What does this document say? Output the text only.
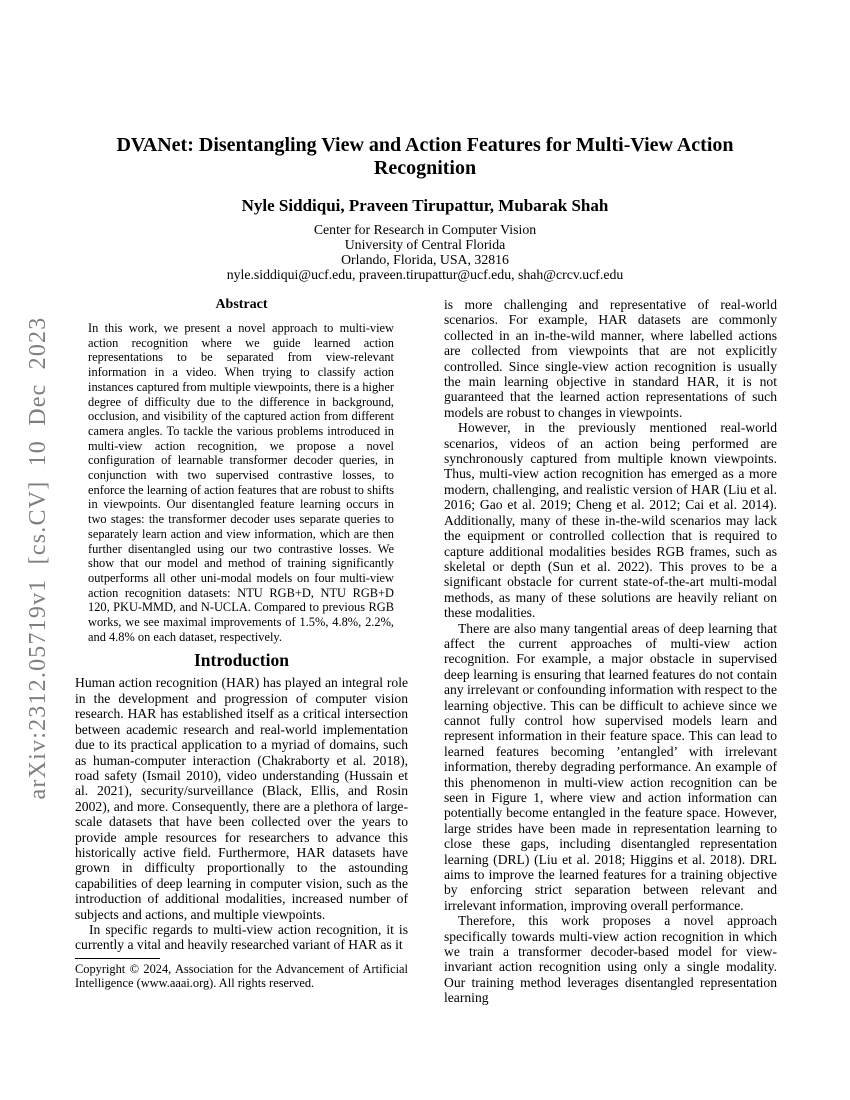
arXiv:2312.05719v1 [cs.CV] 10 Dec 2023
DVANet: Disentangling View and Action Features for Multi-View Action
Recognition
Nyle Siddiqui, Praveen Tirupattur, Mubarak Shah
Center for Research in Computer Vision
University of Central Florida
Orlando, Florida, USA, 32816
nyle.siddiqui@ucf.edu, praveen.tirupattur@ucf.edu, shah@crcv.ucf.edu
Abstract

In this work, we present a novel approach to multi-view action recognition where we guide learned action representations to be separated from view-relevant information in a video. When trying to classify action instances captured from multiple viewpoints, there is a higher degree of difficulty due to the difference in background, occlusion, and visibility of the captured action from different camera angles. To tackle the various problems introduced in multi-view action recognition, we propose a novel configuration of learnable transformer decoder queries, in conjunction with two supervised contrastive losses, to enforce the learning of action features that are robust to shifts in viewpoints. Our disentangled feature learning occurs in two stages: the transformer decoder uses separate queries to separately learn action and view information, which are then further disentangled using our two contrastive losses. We show that our model and method of training significantly outperforms all other uni-modal models on four multi-view action recognition datasets: NTU RGB+D, NTU RGB+D 120, PKU-MMD, and N-UCLA. Compared to previous RGB works, we see maximal improvements of 1.5%, 4.8%, 2.2%, and 4.8% on each dataset, respectively.

Introduction

Human action recognition (HAR) has played an integral role in the development and progression of computer vision research. HAR has established itself as a critical intersection between academic research and real-world implementation due to its practical application to a myriad of domains, such as human-computer interaction (Chakraborty et al. 2018), road safety (Ismail 2010), video understanding (Hussain et al. 2021), security/surveillance (Black, Ellis, and Rosin 2002), and more. Consequently, there are a plethora of large-scale datasets that have been collected over the years to provide ample resources for researchers to advance this historically active field. Furthermore, HAR datasets have grown in difficulty proportionally to the astounding capabilities of deep learning in computer vision, such as the introduction of additional modalities, increased number of subjects and actions, and multiple viewpoints.

In specific regards to multi-view action recognition, it is currently a vital and heavily researched variant of HAR as it

Copyright © 2024, Association for the Advancement of Artificial Intelligence (www.aaai.org). All rights reserved.

is more challenging and representative of real-world scenarios. For example, HAR datasets are commonly collected in an in-the-wild manner, where labelled actions are collected from viewpoints that are not explicitly controlled. Since single-view action recognition is usually the main learning objective in standard HAR, it is not guaranteed that the learned action representations of such models are robust to changes in viewpoints.

However, in the previously mentioned real-world scenarios, videos of an action being performed are synchronously captured from multiple known viewpoints. Thus, multi-view action recognition has emerged as a more modern, challenging, and realistic version of HAR (Liu et al. 2016; Gao et al. 2019; Cheng et al. 2012; Cai et al. 2014). Additionally, many of these in-the-wild scenarios may lack the equipment or controlled collection that is required to capture additional modalities besides RGB frames, such as skeletal or depth (Sun et al. 2022). This proves to be a significant obstacle for current state-of-the-art multi-modal methods, as many of these solutions are heavily reliant on these modalities.

There are also many tangential areas of deep learning that affect the current approaches of multi-view action recognition. For example, a major obstacle in supervised deep learning is ensuring that learned features do not contain any irrelevant or confounding information with respect to the learning objective. This can be difficult to achieve since we cannot fully control how supervised models learn and represent information in their feature space. This can lead to learned features becoming ’entangled’ with irrelevant information, thereby degrading performance. An example of this phenomenon in multi-view action recognition can be seen in Figure 1, where view and action information can potentially become entangled in the feature space. However, large strides have been made in representation learning to close these gaps, including disentangled representation learning (DRL) (Liu et al. 2018; Higgins et al. 2018). DRL aims to improve the learned features for a training objective by enforcing strict separation between relevant and irrelevant information, improving overall performance.

Therefore, this work proposes a novel approach specifically towards multi-view action recognition in which we train a transformer decoder-based model for view-invariant action recognition using only a single modality. Our training method leverages disentangled representation learning
